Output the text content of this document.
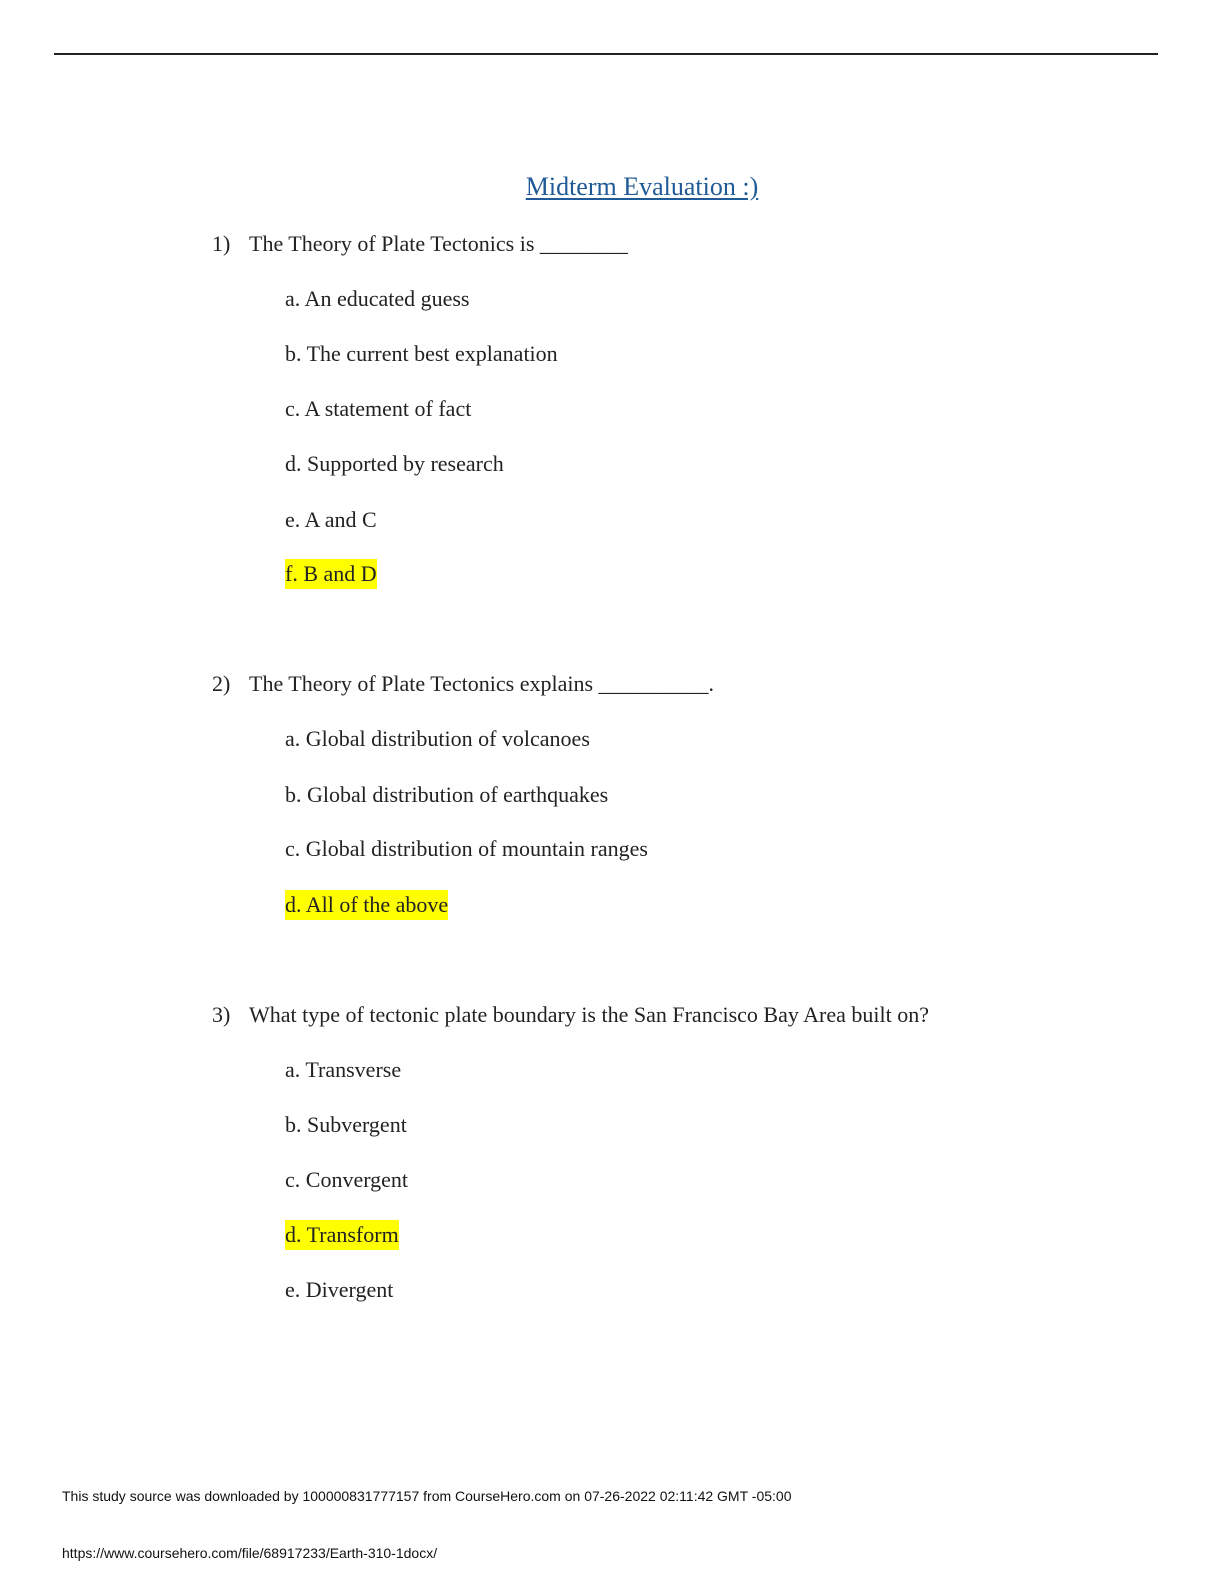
Midterm Evaluation :)
1) The Theory of Plate Tectonics is ________
a. An educated guess
b. The current best explanation
c. A statement of fact
d. Supported by research
e. A and C
f. B and D
2) The Theory of Plate Tectonics explains __________.
a. Global distribution of volcanoes
b. Global distribution of earthquakes
c. Global distribution of mountain ranges
d. All of the above
3) What type of tectonic plate boundary is the San Francisco Bay Area built on?
a. Transverse
b. Subvergent
c. Convergent
d. Transform
e. Divergent
This study source was downloaded by 100000831777157 from CourseHero.com on 07-26-2022 02:11:42 GMT -05:00
https://www.coursehero.com/file/68917233/Earth-310-1docx/
